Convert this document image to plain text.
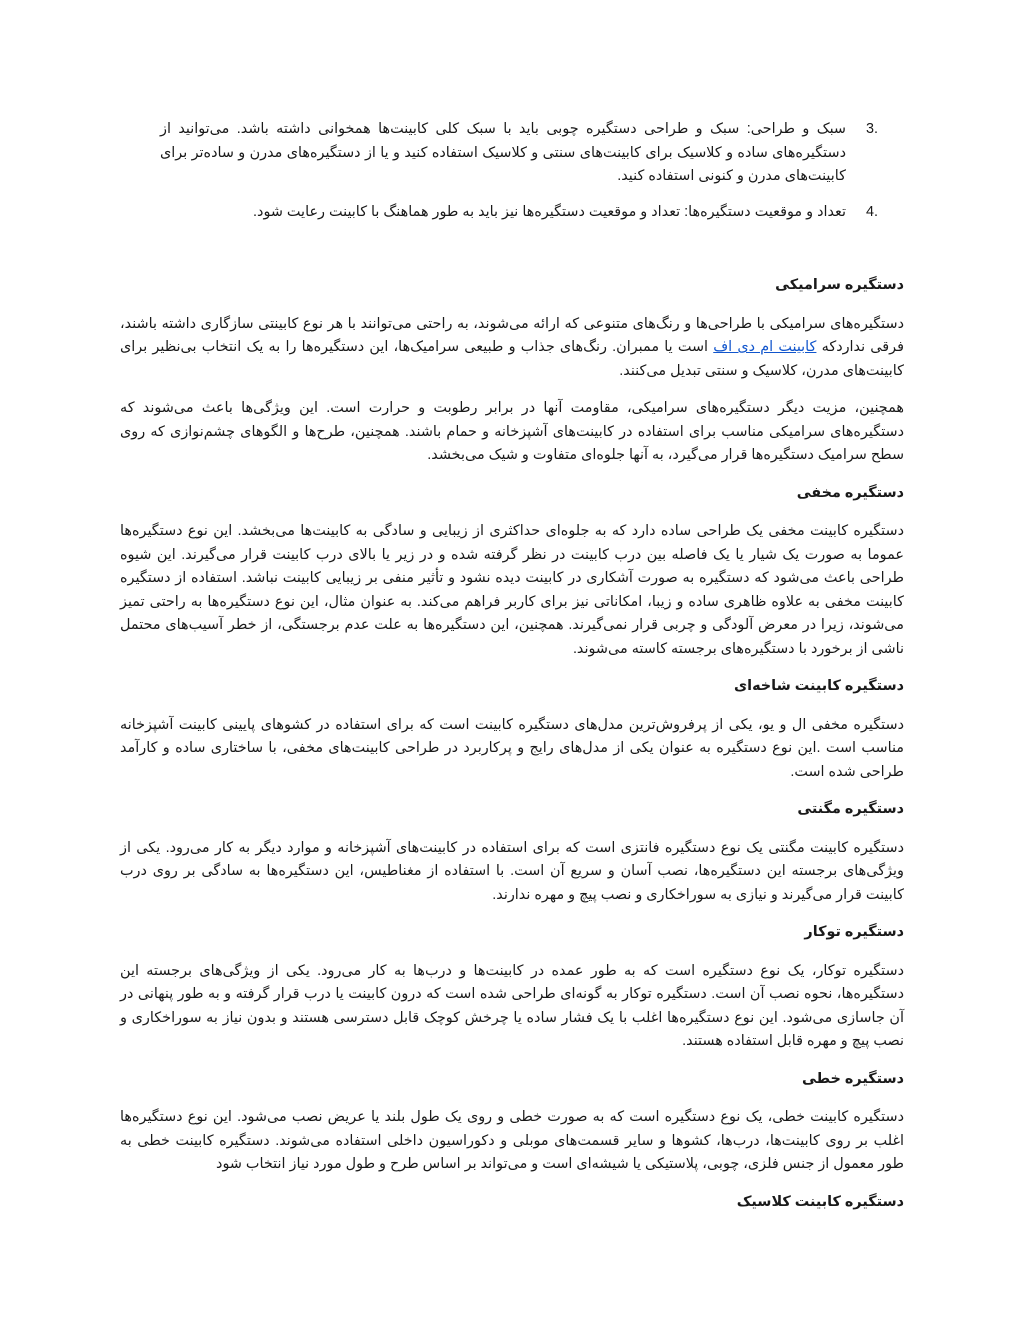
3.
سبک و طراحی: سبک و طراحی دستگیره چوبی باید با سبک کلی کابینت‌ها همخوانی داشته باشد. می‌توانید از دستگیره‌های ساده و کلاسیک برای کابینت‌های سنتی و کلاسیک استفاده کنید و یا از دستگیره‌های مدرن و ساده‌تر برای کابینت‌های مدرن و کنونی استفاده کنید.
4.
تعداد و موقعیت دستگیره‌ها: تعداد و موقعیت دستگیره‌ها نیز باید به طور هماهنگ با کابینت رعایت شود.
دستگیره سرامیکی

دستگیره‌های سرامیکی با طراحی‌ها و رنگ‌های متنوعی که ارائه می‌شوند، به راحتی می‌توانند با هر نوع کابینتی سازگاری داشته باشند، فرقی ندارد‌که کابینت ام دی اف است یا ممبران. رنگ‌های جذاب و طبیعی سرامیک‌ها، این دستگیره‌ها را به یک انتخاب بی‌نظیر برای کابینت‌های مدرن، کلاسیک و سنتی تبدیل می‌کنند.

همچنین، مزیت دیگر دستگیره‌های سرامیکی، مقاومت آنها در برابر رطوبت و حرارت است. این ویژگی‌ها باعث می‌شوند که دستگیره‌های سرامیکی مناسب برای استفاده در کابینت‌های آشپزخانه و حمام باشند. همچنین، طرح‌ها و الگوهای چشم‌نوازی که روی سطح سرامیک دستگیره‌ها قرار می‌گیرد، به آنها جلوه‌ای متفاوت و شیک می‌بخشد.

دستگیره مخفی

دستگیره کابینت مخفی یک طراحی ساده دارد که به جلوه‌ای حداکثری از زیبایی و سادگی به کابینت‌ها می‌بخشد. این نوع دستگیره‌ها عموما به صورت یک شیار یا یک فاصله بین درب کابینت در نظر گرفته شده و در زیر یا بالای درب کابینت قرار می‌گیرند. این شیوه طراحی باعث می‌شود که دستگیره به صورت آشکاری در کابینت دیده نشود و تأثیر منفی بر زیبایی کابینت نباشد. استفاده از دستگیره کابینت مخفی به علاوه ظاهری ساده و زیبا، امکاناتی نیز برای کاربر فراهم می‌کند. به عنوان مثال، این نوع دستگیره‌ها به راحتی تمیز می‌شوند، زیرا در معرض آلودگی و چربی قرار نمی‌گیرند. همچنین، این دستگیره‌ها به علت عدم برجستگی، از خطر آسیب‌های محتمل ناشی از برخورد با دستگیره‌های برجسته کاسته می‌شوند.

دستگیره کابینت شاخه‌ای

دستگیره مخفی ال و یو، یکی از پرفروش‌ترین مدل‌های دستگیره کابینت است که برای استفاده در کشوهای پایینی کابینت آشپزخانه مناسب است .این نوع دستگیره به عنوان یکی از مدل‌های رایج و پرکاربرد در طراحی کابینت‌های مخفی، با ساختاری ساده و کارآمد طراحی شده است.

دستگیره مگنتی

دستگیره کابینت مگنتی یک نوع دستگیره فانتزی است که برای استفاده در کابینت‌های آشپزخانه و موارد دیگر به کار می‌رود. یکی از ویژگی‌های برجسته این دستگیره‌ها، نصب آسان و سریع آن است. با استفاده از مغناطیس، این دستگیره‌ها به سادگی بر روی درب کابینت قرار می‌گیرند و نیازی به سوراخکاری و نصب پیچ و مهره ندارند.

دستگیره توکار

دستگیره توکار، یک نوع دستگیره است که به طور عمده در کابینت‌ها و درب‌ها به کار می‌رود. یکی از ویژگی‌های برجسته این دستگیره‌ها، نحوه نصب آن است. دستگیره توکار به گونه‌ای طراحی شده است که درون کابینت یا درب قرار گرفته و به طور پنهانی در آن جاسازی می‌شود. این نوع دستگیره‌ها اغلب با یک فشار ساده یا چرخش کوچک قابل دسترسی هستند و بدون نیاز به سوراخکاری و نصب پیچ و مهره قابل استفاده هستند.

دستگیره خطی

دستگیره کابینت خطی، یک نوع دستگیره است که به صورت خطی و روی یک طول بلند یا عریض نصب می‌شود. این نوع دستگیره‌ها اغلب بر روی کابینت‌ها، درب‌ها، کشوها و سایر قسمت‌های موبلی و دکوراسیون داخلی استفاده می‌شوند. دستگیره کابینت خطی به طور معمول از جنس فلزی، چوبی، پلاستیکی یا شیشه‌ای است و می‌تواند بر اساس طرح و طول مورد نیاز انتخاب شود

دستگیره کابینت کلاسیک
